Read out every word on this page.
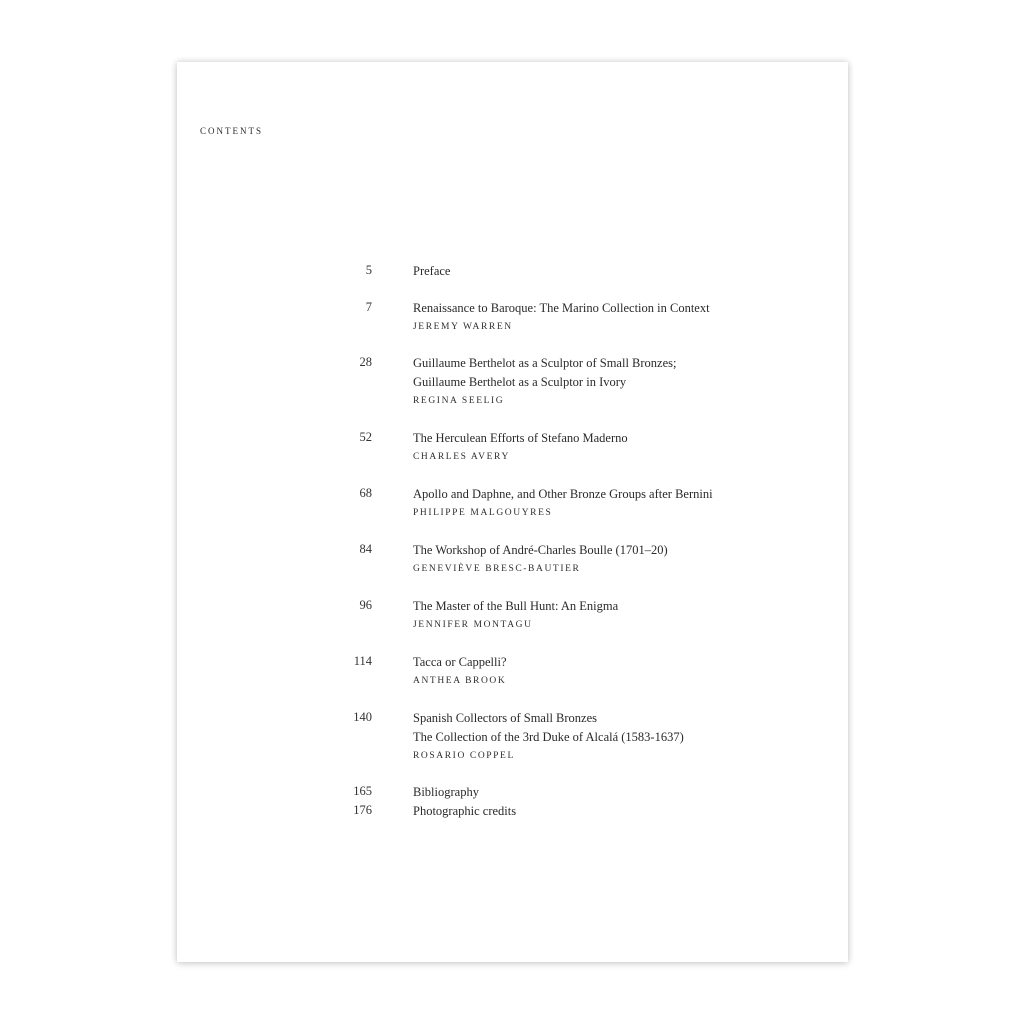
contents
5	Preface
7	Renaissance to Baroque: The Marino Collection in Context
JEREMY WARREN
28	Guillaume Berthelot as a Sculptor of Small Bronzes;
Guillaume Berthelot as a Sculptor in Ivory
REGINA SEELIG
52	The Herculean Efforts of Stefano Maderno
CHARLES AVERY
68	Apollo and Daphne, and Other Bronze Groups after Bernini
PHILIPPE MALGOUYRES
84	The Workshop of André-Charles Boulle (1701–20)
GENEVIÈVE BRESC-BAUTIER
96	The Master of the Bull Hunt: An Enigma
JENNIFER MONTAGU
114	Tacca or Cappelli?
ANTHEA BROOK
140	Spanish Collectors of Small Bronzes
The Collection of the 3rd Duke of Alcalá (1583-1637)
ROSARIO COPPEL
165	Bibliography
176	Photographic credits
